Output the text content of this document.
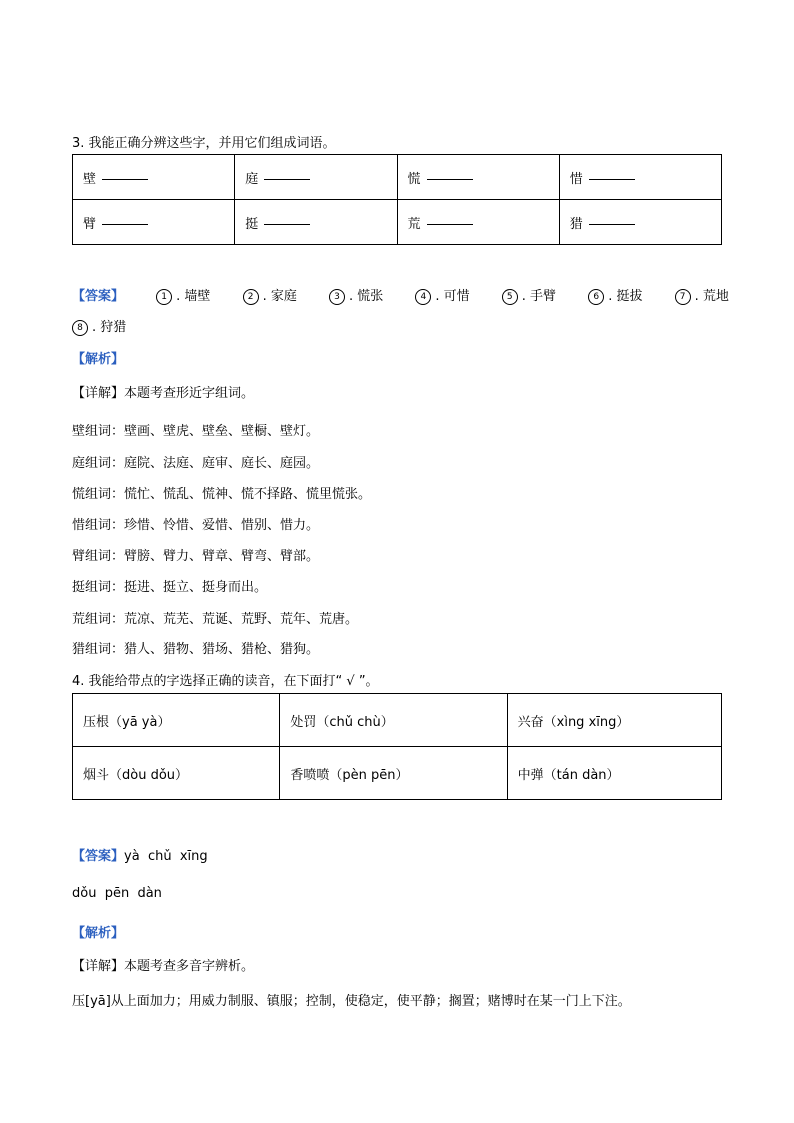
3. 我能正确分辨这些字，并用它们组成词语。
壁	庭	慌	惜
臂	挺	荒	猎
【答案】	1 . 墙壁	2 . 家庭	3 . 慌张	4 . 可惜	5 . 手臂	6 . 挺拔	7 . 荒地
8 . 狩猎
【解析】
【详解】本题考查形近字组词。
壁组词：壁画、壁虎、壁垒、壁橱、壁灯。
庭组词：庭院、法庭、庭审、庭长、庭园。
慌组词：慌忙、慌乱、慌神、慌不择路、慌里慌张。
惜组词：珍惜、怜惜、爱惜、惜别、惜力。
臂组词：臂膀、臂力、臂章、臂弯、臂部。
挺组词：挺进、挺立、挺身而出。
荒组词：荒凉、荒芜、荒诞、荒野、荒年、荒唐。
猎组词：猎人、猎物、猎场、猎枪、猎狗。
4. 我能给带点的字选择正确的读音，在下面打“ √ ”。
压根（yā yà）	处罚（chǔ chù）	兴奋（xìng xīng）
烟斗（dòu dǒu）	香喷喷（pèn pēn）	中弹（tán dàn）
【答案】yà  chǔ  xīng
dǒu  pēn  dàn
【解析】
【详解】本题考查多音字辨析。
压[yā]从上面加力；用威力制服、镇服；控制，使稳定，使平静；搁置；赌博时在某一门上下注。
